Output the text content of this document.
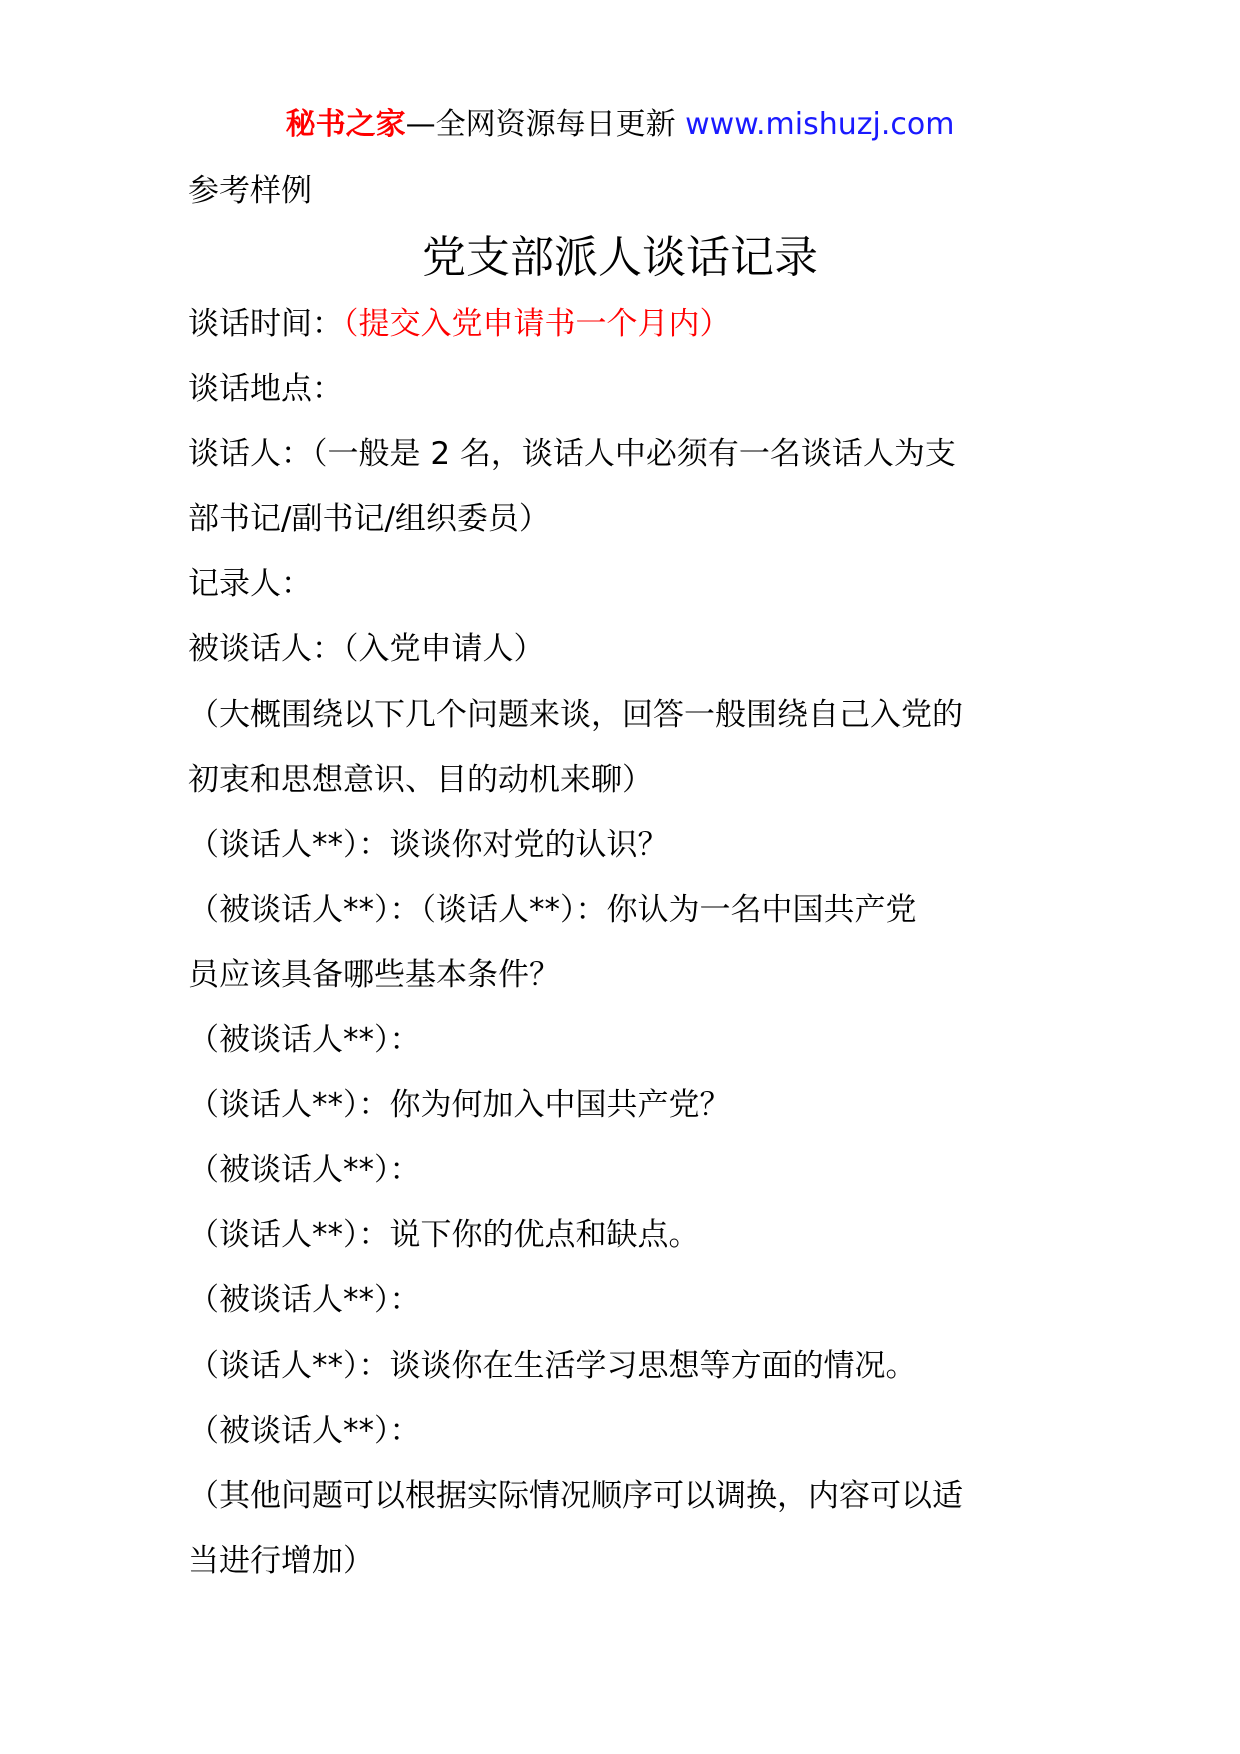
秘书之家—全网资源每日更新 www.mishuzj.com
参考样例
党支部派人谈话记录
谈话时间：（提交入党申请书一个月内）
谈话地点：
谈话人：（一般是 2 名，谈话人中必须有一名谈话人为支
部书记/副书记/组织委员）
记录人：
被谈话人：（入党申请人）
（大概围绕以下几个问题来谈，回答一般围绕自己入党的
初衷和思想意识、目的动机来聊）
（谈话人**）：谈谈你对党的认识？
（被谈话人**）：（谈话人**）：你认为一名中国共产党
员应该具备哪些基本条件？
（被谈话人**）：
（谈话人**）：你为何加入中国共产党？
（被谈话人**）：
（谈话人**）：说下你的优点和缺点。
（被谈话人**）：
（谈话人**）：谈谈你在生活学习思想等方面的情况。
（被谈话人**）：
（其他问题可以根据实际情况顺序可以调换，内容可以适
当进行增加）
